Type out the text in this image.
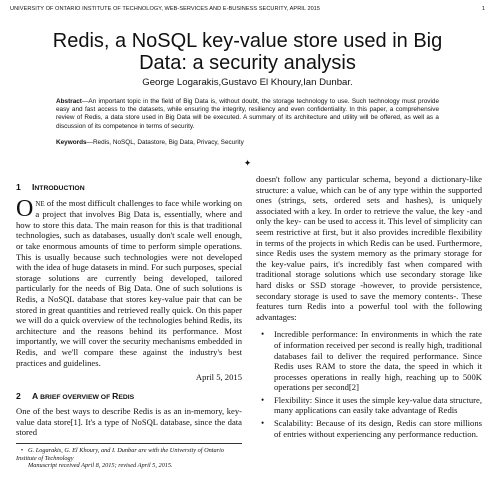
UNIVERSITY OF ONTARIO INSTITUTE OF TECHNOLOGY, WEB-SERVICES AND E-BUSINESS SECURITY, APRIL 2015	1
Redis, a NoSQL key-value store used in Big
Data: a security analysis
George Logarakis,Gustavo El Khoury,Ian Dunbar.
Abstract—An important topic in the field of Big Data is, without doubt, the storage technology to use. Such technology must provide easy and fast access to the datasets, while ensuring the integrity, resiliency and even confidentiality. In this paper, a comprehensive review of Redis, a data store used in Big Data will be executed. A summary of its architecture and utility will be offered, as well as a discussion of its competence in terms of security.
Keywords—Redis, NoSQL, Datastore, Big Data, Privacy, Security
✦
1 INTRODUCTION
ONE of the most difficult challenges to face while working on a project that involves Big Data is, essentially, where and how to store this data. The main reason for this is that traditional technologies, such as databases, usually don't scale well enough, or take enormous amounts of time to perform simple operations. This is usually because such technologies were not developed with the idea of huge datasets in mind. For such purposes, special storage solutions are currently being developed, tailored particularly for the needs of Big Data. One of such solutions is Redis, a NoSQL database that stores key-value pair that can be stored in great quantities and retrieved really quick. On this paper we will do a quick overview of the technologies behind Redis, its architecture and the reasons behind its performance. Most importantly, we will cover the security mechanisms embedded in Redis, and we'll compare these against the industry's best practices and guidelines.
April 5, 2015
2 A BRIEF OVERVIEW OF REDIS
One of the best ways to describe Redis is as an in-memory, key-value data store[1]. It's a type of NoSQL database, since the data stored
• G. Logarakis, G. El Khoury, and I. Dunbar are with the University of Ontario Institute of Technology
Manuscript received April 8, 2015; revised April 5, 2015.
doesn't follow any particular schema, beyond a dictionary-like structure: a value, which can be of any type within the supported ones (strings, sets, ordered sets and hashes), is uniquely associated with a key. In order to retrieve the value, the key -and only the key- can be used to access it. This level of simplicity can seem restrictive at first, but it also provides incredible flexibility in terms of the projects in which Redis can be used. Furthermore, since Redis uses the system memory as the primary storage for the key-value pairs, it's incredibly fast when compared with traditional storage solutions which use secondary storage like hard disks or SSD storage -however, to provide persistence, secondary storage is used to save the memory contents-. These features turn Redis into a powerful tool with the following advantages:
• Incredible performance: In environments in which the rate of information received per second is really high, traditional databases fail to deliver the required performance. Since Redis uses RAM to store the data, the speed in which it processes operations in really high, reaching up to 500K operations per second[2]
• Flexibility: Since it uses the simple key-value data structure, many applications can easily take advantage of Redis
• Scalability: Because of its design, Redis can store millions of entries without experiencing any performance reduction.
